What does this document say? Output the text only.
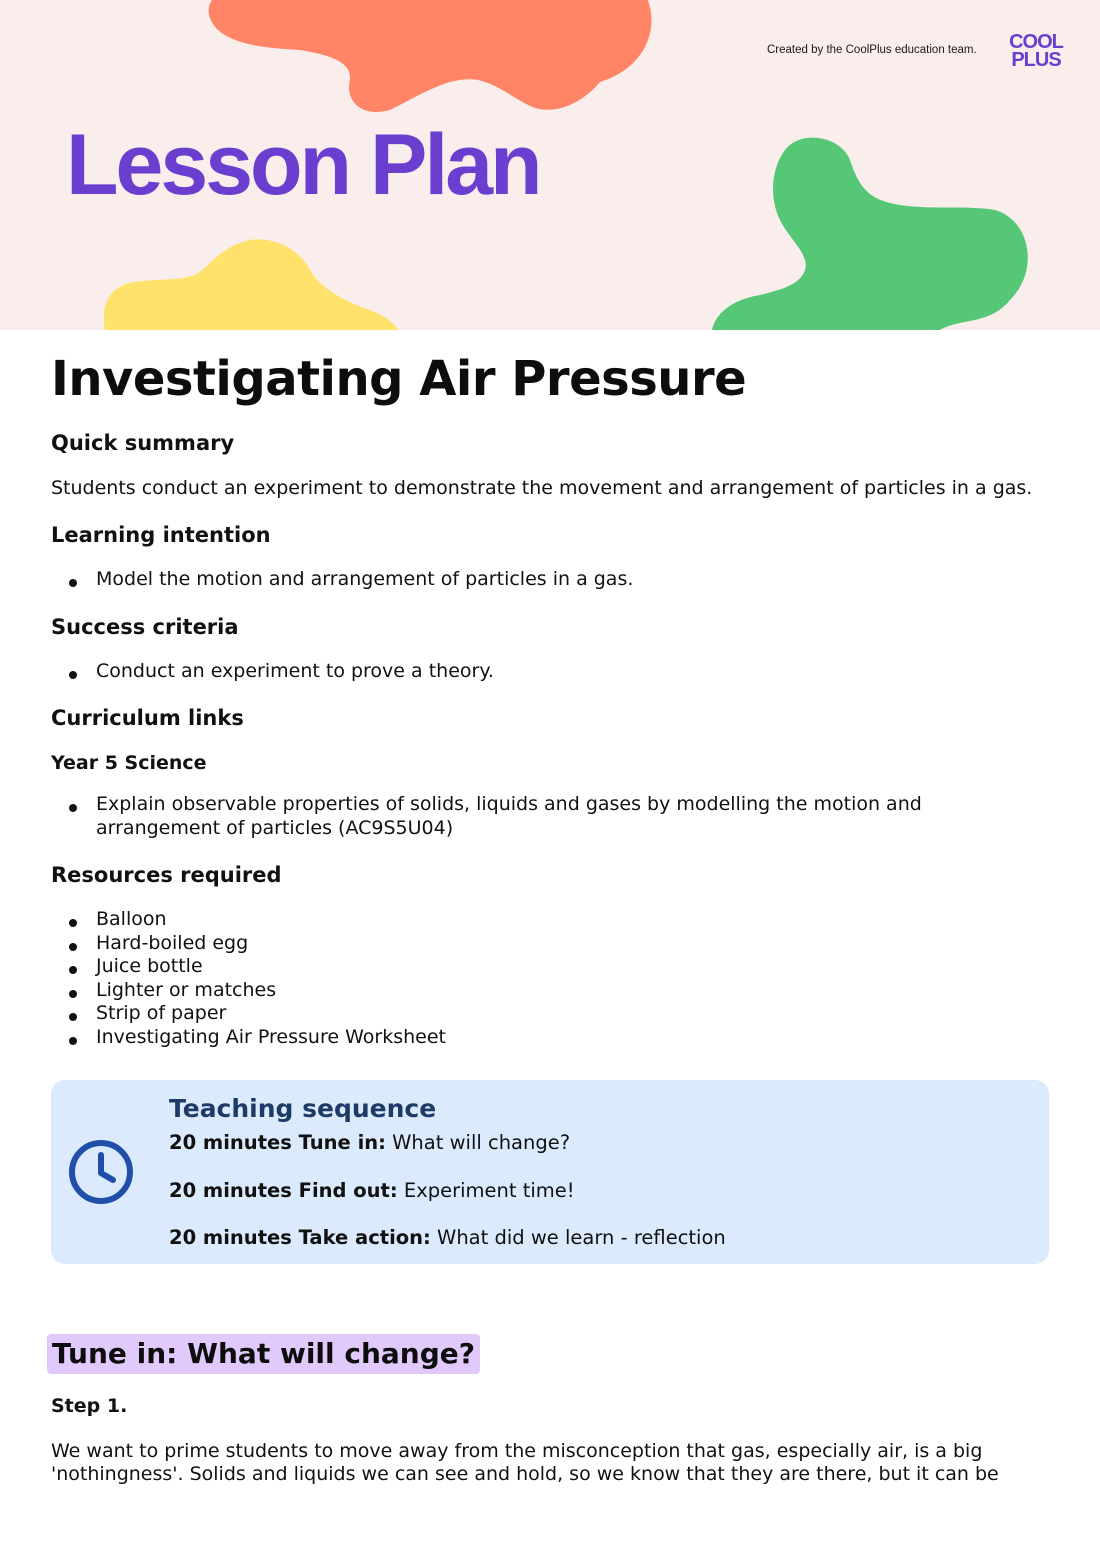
Lesson Plan
Created by the CoolPlus education team. COOL
PLUS
Investigating Air Pressure
Quick summary

Students conduct an experiment to demonstrate the movement and arrangement of particles in a gas.

Learning intention
Model the motion and arrangement of particles in a gas.
Success criteria
Conduct an experiment to prove a theory.
Curriculum links
Year 5 Science
Explain observable properties of solids, liquids and gases by modelling the motion and arrangement of particles (AC9S5U04)
Resources required
Balloon
Hard-boiled egg
Juice bottle
Lighter or matches
Strip of paper
Investigating Air Pressure Worksheet
Teaching sequence
20 minutes Tune in: What will change?
20 minutes Find out: Experiment time!
20 minutes Take action: What did we learn - reflection
Tune in: What will change?
Step 1.

We want to prime students to move away from the misconception that gas, especially air, is a big 'nothingness'. Solids and liquids we can see and hold, so we know that they are there, but it can be
